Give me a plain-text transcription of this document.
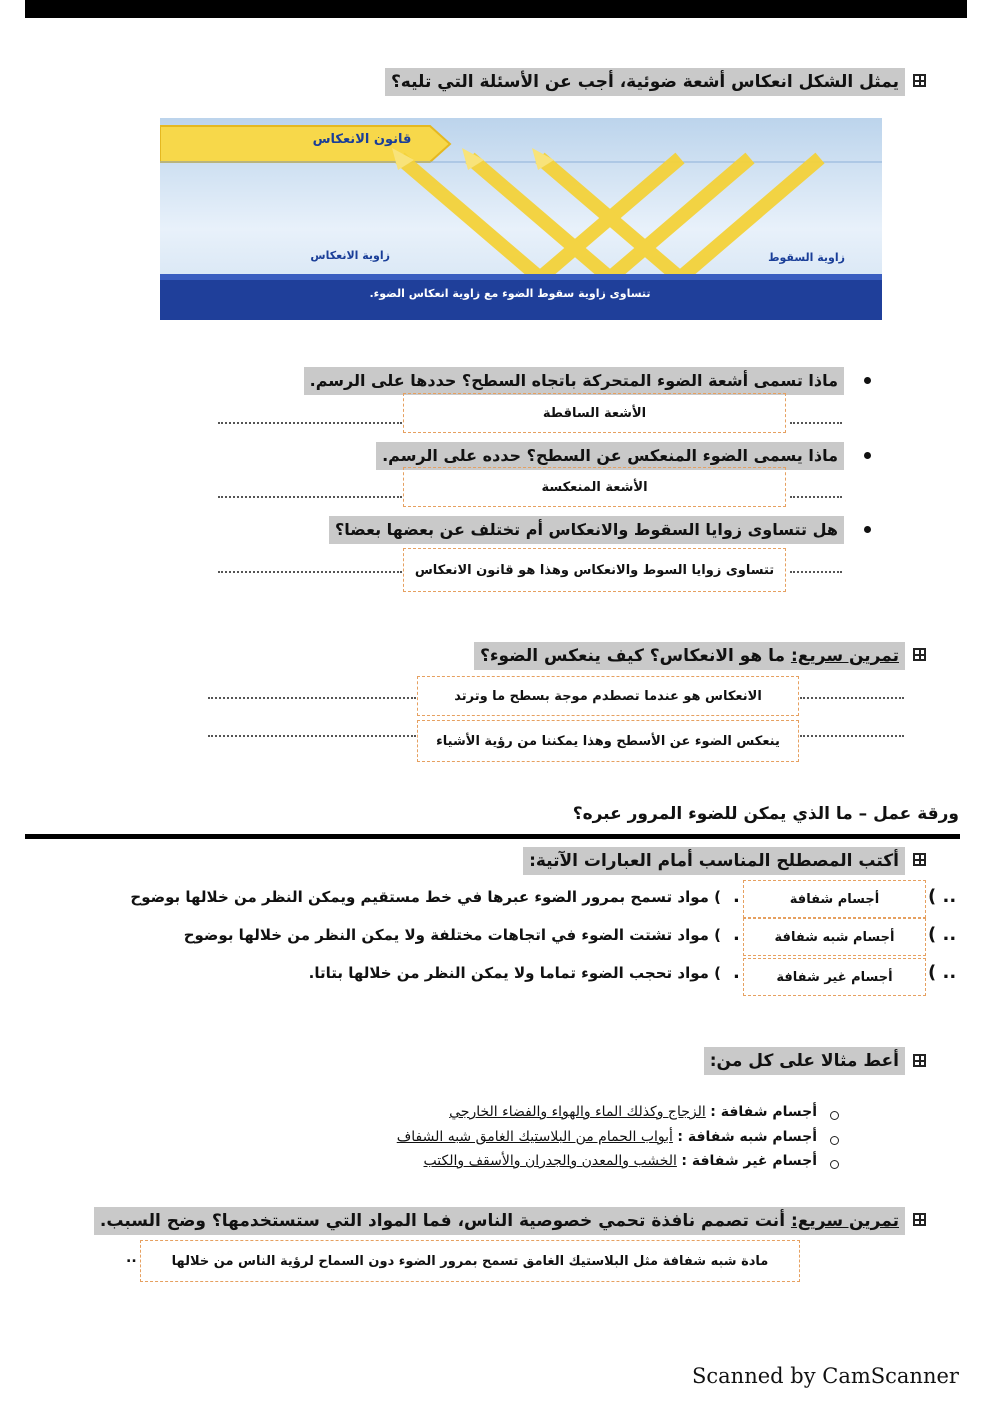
يمثل الشكل انعكاس أشعة ضوئية، أجب عن الأسئلة التي تليه؟
قانون الانعكاس
زاوية السقوط
زاوية الانعكاس
تتساوى زاوية سقوط الضوء مع زاوية انعكاس الضوء.
ماذا تسمى أشعة الضوء المتحركة باتجاه السطح؟ حددها على الرسم.
الأشعة الساقطة
ماذا يسمى الضوء المنعكس عن السطح؟ حدده على الرسم.
الأشعة المنعكسة
هل تتساوى زوايا السقوط والانعكاس أم تختلف عن بعضها بعضا؟
تتساوى زوايا السوط والانعكاس وهذا هو قانون الانعكاس
تمرين سريع: ما هو الانعكاس؟ كيف ينعكس الضوء؟
الانعكاس هو عندما تصطدم موجة بسطح ما وترتد
ينعكس الضوء عن الأسطح وهذا يمكننا من رؤية الأشياء
ورقة عمل – ما الذي يمكن للضوء المرور عبره؟
أكتب المصطلح المناسب أمام العبارات الآتية:
( ..
أجسام شفافة
.
) مواد تسمح بمرور الضوء عبرها في خط مستقيم ويمكن النظر من خلالها بوضوح
( ..
أجسام شبه شفافة
.
) مواد تشتت الضوء في اتجاهات مختلفة ولا يمكن النظر من خلالها بوضوح
( ..
أجسام غير شفافة
.
) مواد تحجب الضوء تماما ولا يمكن النظر من خلالها بتاتا.
أعط مثالا على كل من:
أجسام شفافة : الزجاج وكذلك الماء والهواء والفضاء الخارجي
أجسام شبه شفافة : أبواب الحمام من البلاستيك الغامق شبه الشفاف
أجسام غير شفافة : الخشب والمعدن والجدران والأسقف والكتب
تمرين سريع: أنت تصمم نافذة تحمي خصوصية الناس، فما المواد التي ستستخدمها؟ وضح السبب.
..	مادة شبه شفافة مثل البلاستيك الغامق تسمح بمرور الضوء دون السماح لرؤية الناس من خلالها
Scanned by CamScanner
